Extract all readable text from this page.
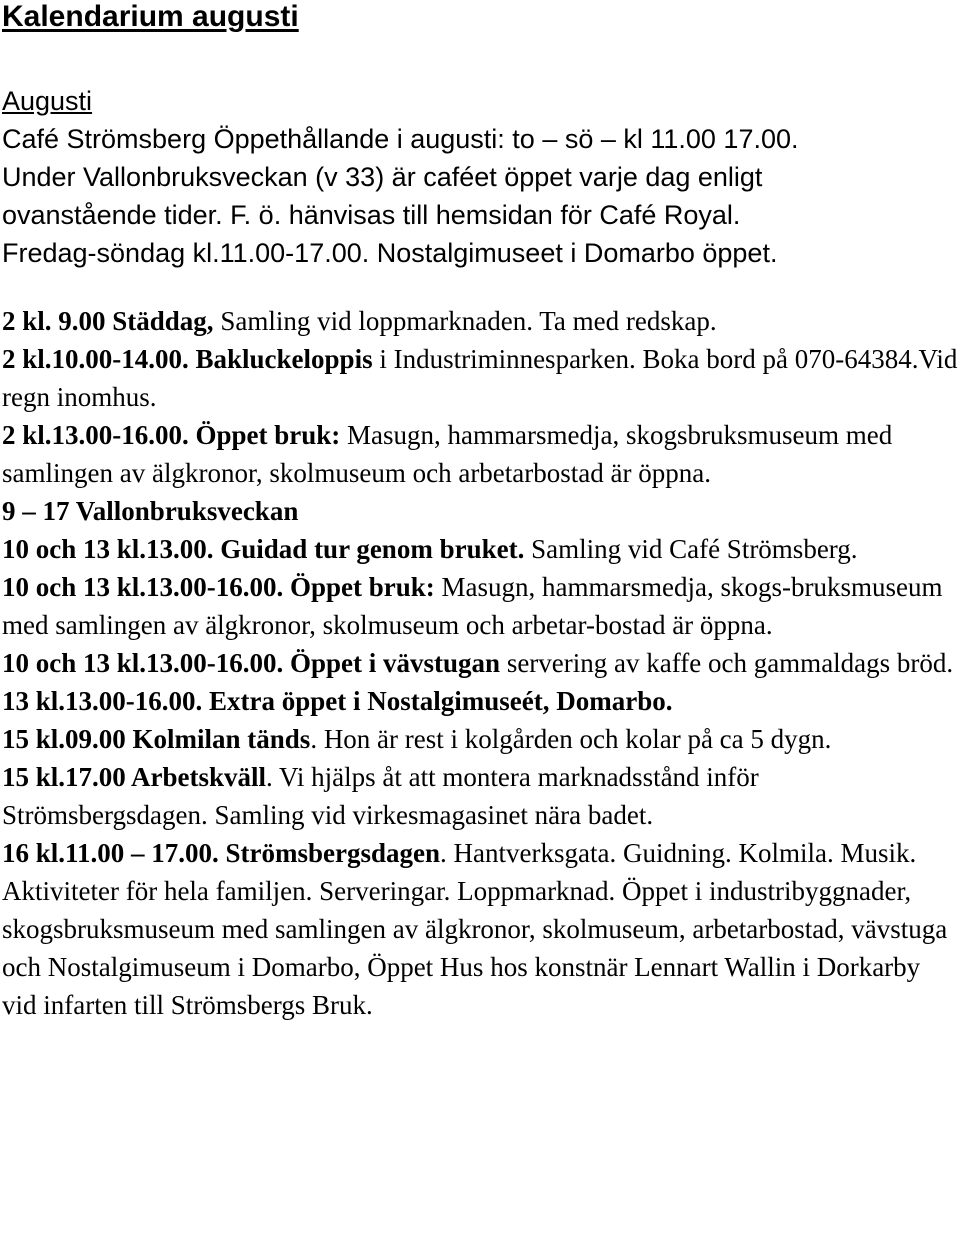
Kalendarium augusti
Augusti

Café Strömsberg Öppethållande i augusti: to – sö – kl 11.00 17.00.

Under Vallonbruksveckan (v 33) är caféet öppet varje dag enligt

ovanstående tider. F. ö. hänvisas till hemsidan för Café Royal.

Fredag-söndag kl.11.00-17.00. Nostalgimuseet i Domarbo öppet.

2 kl. 9.00 Städdag, Samling vid loppmarknaden. Ta med redskap.

2 kl.10.00-14.00. Bakluckeloppis i Industriminnesparken. Boka bord på 070-64384.Vid regn inomhus.

2 kl.13.00-16.00. Öppet bruk: Masugn, hammarsmedja, skogsbruksmuseum med samlingen av älgkronor, skolmuseum och arbetarbostad är öppna.

9 – 17 Vallonbruksveckan

10 och 13 kl.13.00. Guidad tur genom bruket. Samling vid Café Strömsberg.

10 och 13 kl.13.00-16.00. Öppet bruk: Masugn, hammarsmedja, skogs-bruksmuseum med samlingen av älgkronor, skolmuseum och arbetar-bostad är öppna.

10 och 13 kl.13.00-16.00. Öppet i vävstugan servering av kaffe och gammaldags bröd.

13 kl.13.00-16.00. Extra öppet i Nostalgimuseét, Domarbo.

15 kl.09.00 Kolmilan tänds. Hon är rest i kolgården och kolar på ca 5 dygn.

15 kl.17.00 Arbetskväll. Vi hjälps åt att montera marknadsstånd inför Strömsbergsdagen. Samling vid virkesmagasinet nära badet.

16 kl.11.00 – 17.00. Strömsbergsdagen. Hantverksgata. Guidning. Kolmila. Musik. Aktiviteter för hela familjen. Serveringar. Loppmarknad. Öppet i industribyggnader, skogsbruksmuseum med samlingen av älgkronor, skolmuseum, arbetarbostad, vävstuga och Nostalgimuseum i Domarbo, Öppet Hus hos konstnär Lennart Wallin i Dorkarby vid infarten till Strömsbergs Bruk.
